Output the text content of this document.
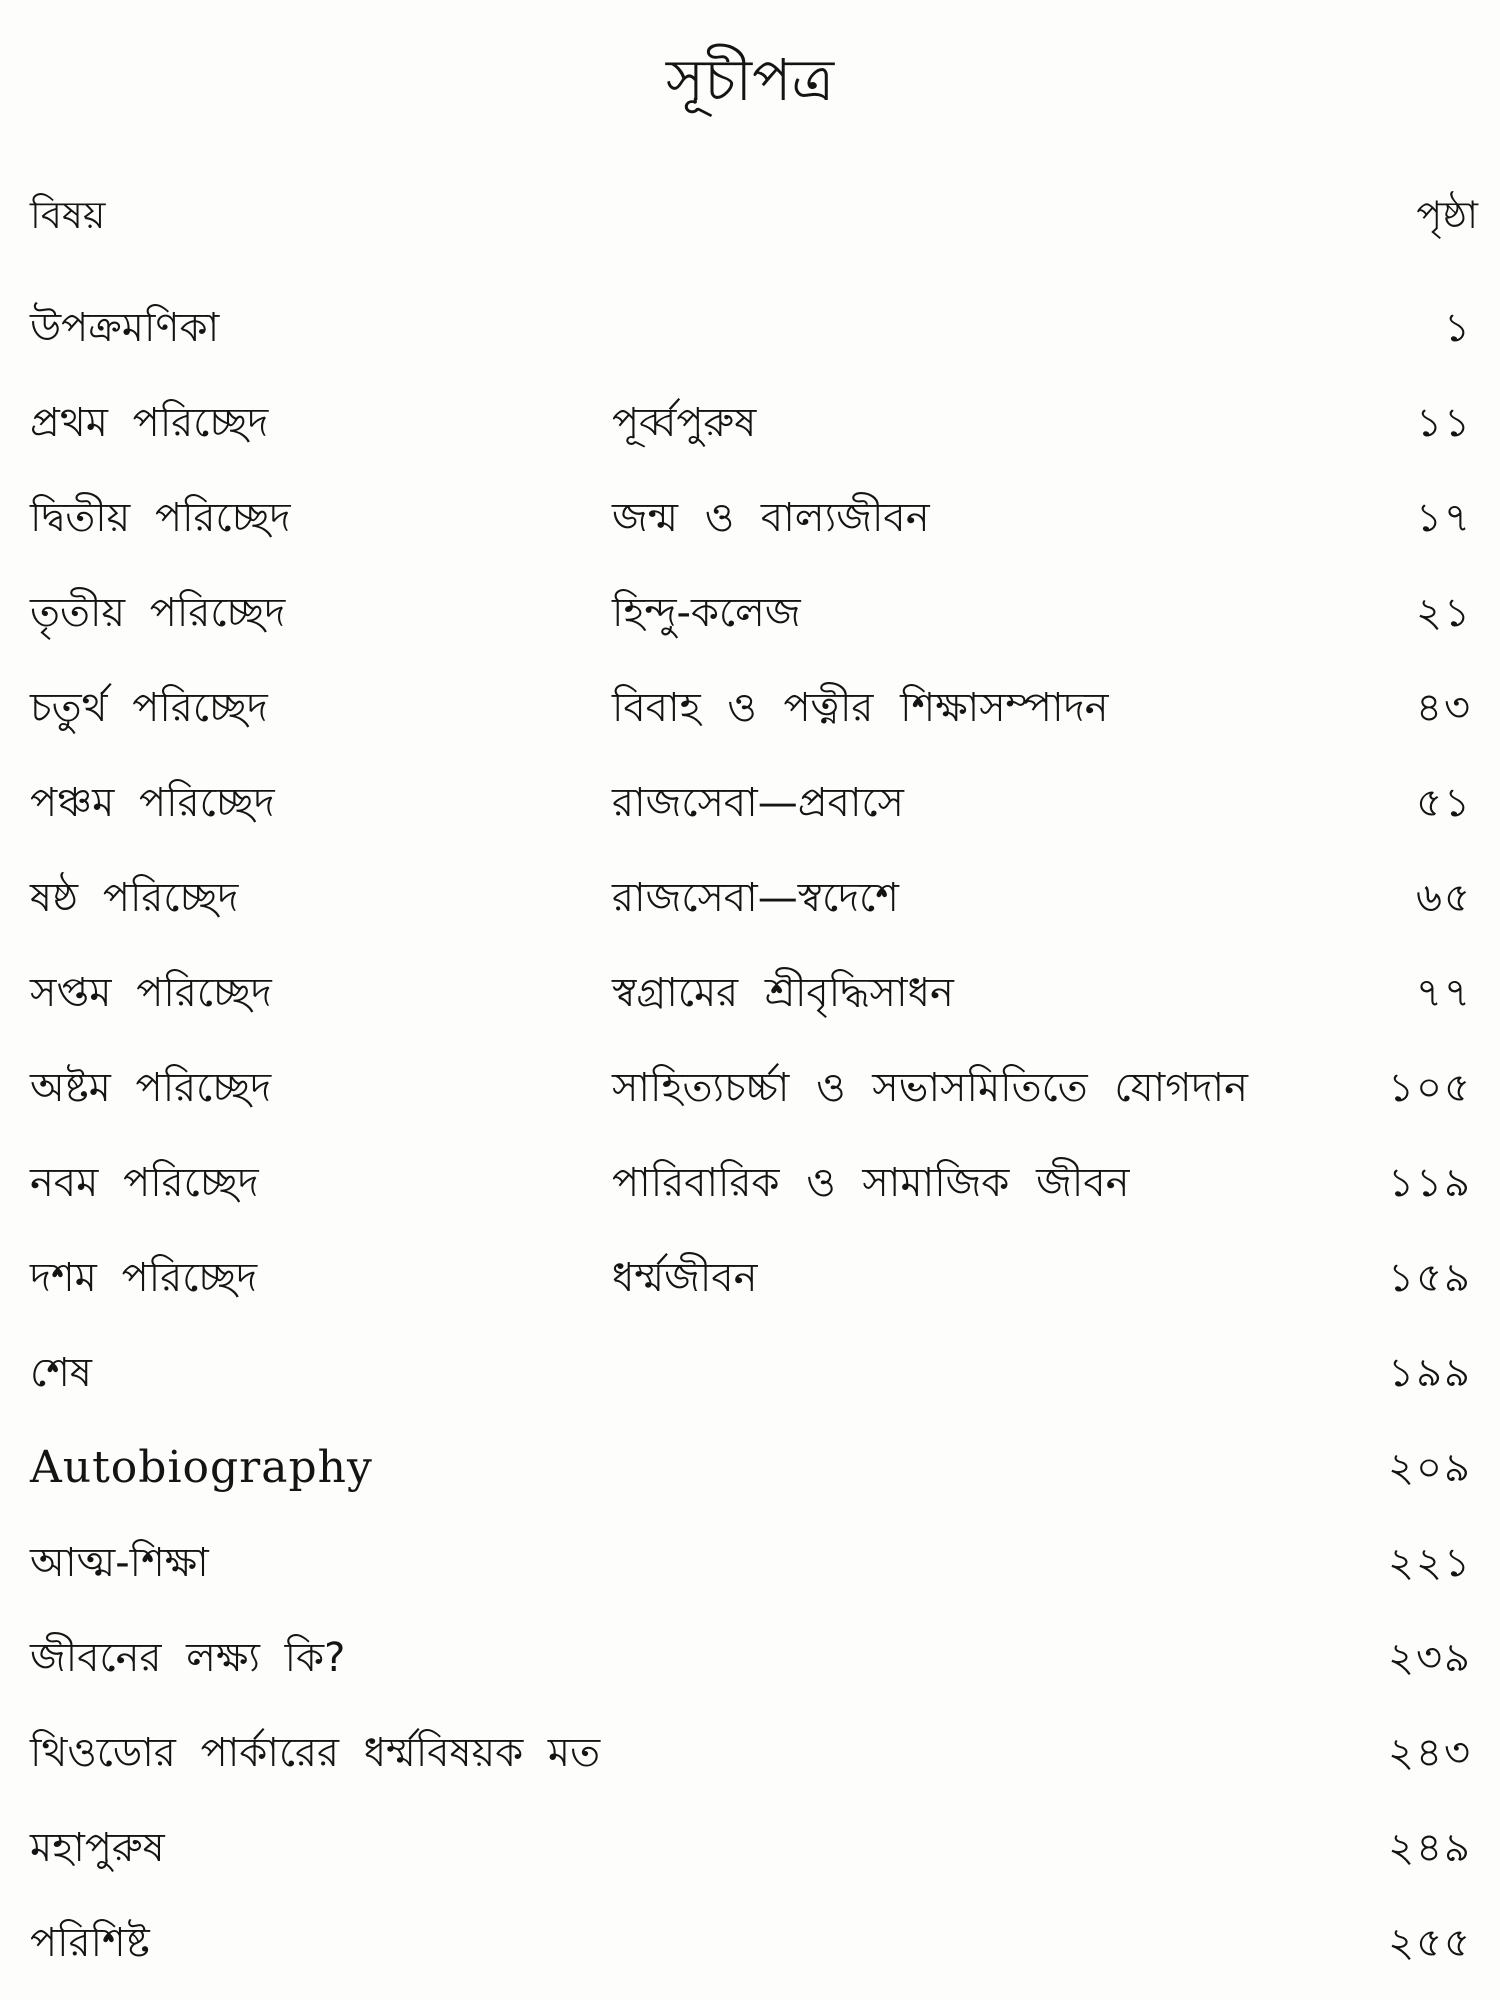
সূচীপত্র

বিষয়	পৃষ্ঠা

উপক্রমণিকা	১
প্রথম পরিচ্ছেদ	পূর্ব্বপুরুষ	১১
দ্বিতীয় পরিচ্ছেদ	জন্ম ও বাল্যজীবন	১৭
তৃতীয় পরিচ্ছেদ	হিন্দু-কলেজ	২১
চতুর্থ পরিচ্ছেদ	বিবাহ ও পত্নীর শিক্ষাসম্পাদন	৪৩
পঞ্চম পরিচ্ছেদ	রাজসেবা—প্রবাসে	৫১
ষষ্ঠ পরিচ্ছেদ	রাজসেবা—স্বদেশে	৬৫
সপ্তম পরিচ্ছেদ	স্বগ্রামের শ্রীবৃদ্ধিসাধন	৭৭
অষ্টম পরিচ্ছেদ	সাহিত্যচর্চ্চা ও সভাসমিতিতে যোগদান	১০৫
নবম পরিচ্ছেদ	পারিবারিক ও সামাজিক জীবন	১১৯
দশম পরিচ্ছেদ	ধর্ম্মজীবন	১৫৯
শেষ	১৯৯
Autobiography	২০৯
আত্ম-শিক্ষা	২২১
জীবনের লক্ষ্য কি?	২৩৯
থিওডোর পার্কারের ধর্ম্মবিষয়ক মত	২৪৩
মহাপুরুষ	২৪৯
পরিশিষ্ট	২৫৫
